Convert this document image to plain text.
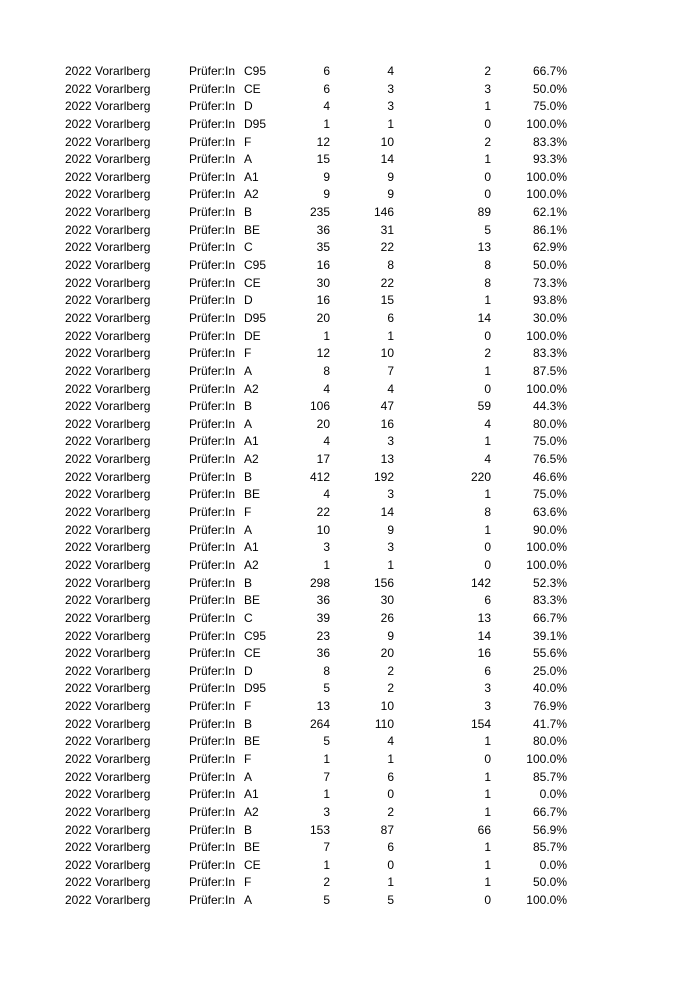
2022 Vorarlberg	Prüfer:In C95	6	4	2	66.7%
2022 Vorarlberg	Prüfer:In CE	6	3	3	50.0%
2022 Vorarlberg	Prüfer:In D	4	3	1	75.0%
2022 Vorarlberg	Prüfer:In D95	1	1	0	100.0%
2022 Vorarlberg	Prüfer:In F	12	10	2	83.3%
2022 Vorarlberg	Prüfer:In A	15	14	1	93.3%
2022 Vorarlberg	Prüfer:In A1	9	9	0	100.0%
2022 Vorarlberg	Prüfer:In A2	9	9	0	100.0%
2022 Vorarlberg	Prüfer:In B	235	146	89	62.1%
2022 Vorarlberg	Prüfer:In BE	36	31	5	86.1%
2022 Vorarlberg	Prüfer:In C	35	22	13	62.9%
2022 Vorarlberg	Prüfer:In C95	16	8	8	50.0%
2022 Vorarlberg	Prüfer:In CE	30	22	8	73.3%
2022 Vorarlberg	Prüfer:In D	16	15	1	93.8%
2022 Vorarlberg	Prüfer:In D95	20	6	14	30.0%
2022 Vorarlberg	Prüfer:In DE	1	1	0	100.0%
2022 Vorarlberg	Prüfer:In F	12	10	2	83.3%
2022 Vorarlberg	Prüfer:In A	8	7	1	87.5%
2022 Vorarlberg	Prüfer:In A2	4	4	0	100.0%
2022 Vorarlberg	Prüfer:In B	106	47	59	44.3%
2022 Vorarlberg	Prüfer:In A	20	16	4	80.0%
2022 Vorarlberg	Prüfer:In A1	4	3	1	75.0%
2022 Vorarlberg	Prüfer:In A2	17	13	4	76.5%
2022 Vorarlberg	Prüfer:In B	412	192	220	46.6%
2022 Vorarlberg	Prüfer:In BE	4	3	1	75.0%
2022 Vorarlberg	Prüfer:In F	22	14	8	63.6%
2022 Vorarlberg	Prüfer:In A	10	9	1	90.0%
2022 Vorarlberg	Prüfer:In A1	3	3	0	100.0%
2022 Vorarlberg	Prüfer:In A2	1	1	0	100.0%
2022 Vorarlberg	Prüfer:In B	298	156	142	52.3%
2022 Vorarlberg	Prüfer:In BE	36	30	6	83.3%
2022 Vorarlberg	Prüfer:In C	39	26	13	66.7%
2022 Vorarlberg	Prüfer:In C95	23	9	14	39.1%
2022 Vorarlberg	Prüfer:In CE	36	20	16	55.6%
2022 Vorarlberg	Prüfer:In D	8	2	6	25.0%
2022 Vorarlberg	Prüfer:In D95	5	2	3	40.0%
2022 Vorarlberg	Prüfer:In F	13	10	3	76.9%
2022 Vorarlberg	Prüfer:In B	264	110	154	41.7%
2022 Vorarlberg	Prüfer:In BE	5	4	1	80.0%
2022 Vorarlberg	Prüfer:In F	1	1	0	100.0%
2022 Vorarlberg	Prüfer:In A	7	6	1	85.7%
2022 Vorarlberg	Prüfer:In A1	1	0	1	0.0%
2022 Vorarlberg	Prüfer:In A2	3	2	1	66.7%
2022 Vorarlberg	Prüfer:In B	153	87	66	56.9%
2022 Vorarlberg	Prüfer:In BE	7	6	1	85.7%
2022 Vorarlberg	Prüfer:In CE	1	0	1	0.0%
2022 Vorarlberg	Prüfer:In F	2	1	1	50.0%
2022 Vorarlberg	Prüfer:In A	5	5	0	100.0%
